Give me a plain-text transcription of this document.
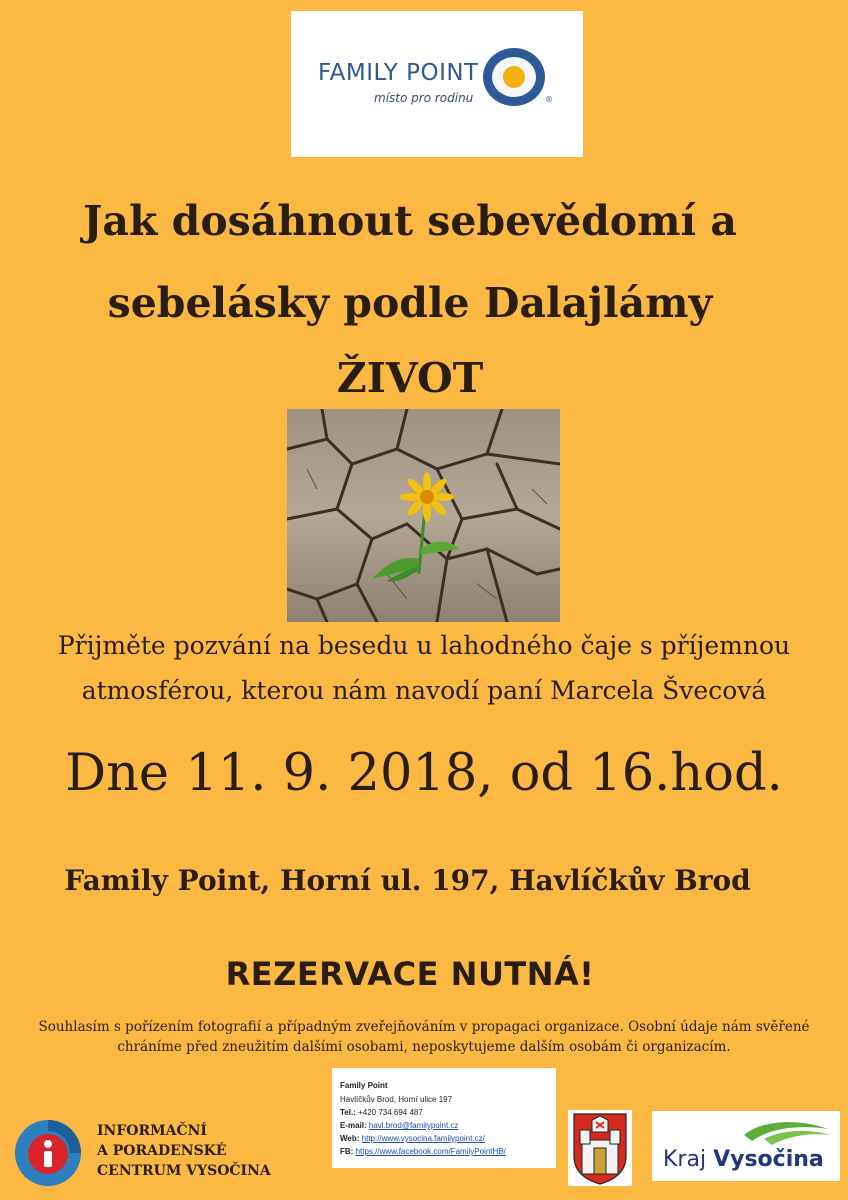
FAMILY POINT
místo pro rodinu	®
Jak dosáhnout sebevědomí a
sebelásky podle Dalajlámy
ŽIVOT
Přijměte pozvání na besedu u lahodného čaje s příjemnou
atmosférou, kterou nám navodí paní Marcela Švecová
Dne 11. 9. 2018, od 16.hod.
Family Point, Horní ul. 197, Havlíčkův Brod
REZERVACE NUTNÁ!
Souhlasím s pořízením fotografií a případným zveřejňováním v propagaci organizace. Osobní údaje nám svěřené
chráníme před zneužitím dalšími osobami, neposkytujeme dalším osobám či organizacím.
Family Point
Havlíčkův Brod, Horní ulice 197
Tel.: +420 734 694 487
E-mail: havl.brod@familypoint.cz
Web: http://www.vysocina.familypoint.cz/
FB: https://www.facebook.com/FamilyPointHB/
INFORMAČNÍ
A PORADENSKÉ
CENTRUM VYSOČINA	Kraj Vysočina
